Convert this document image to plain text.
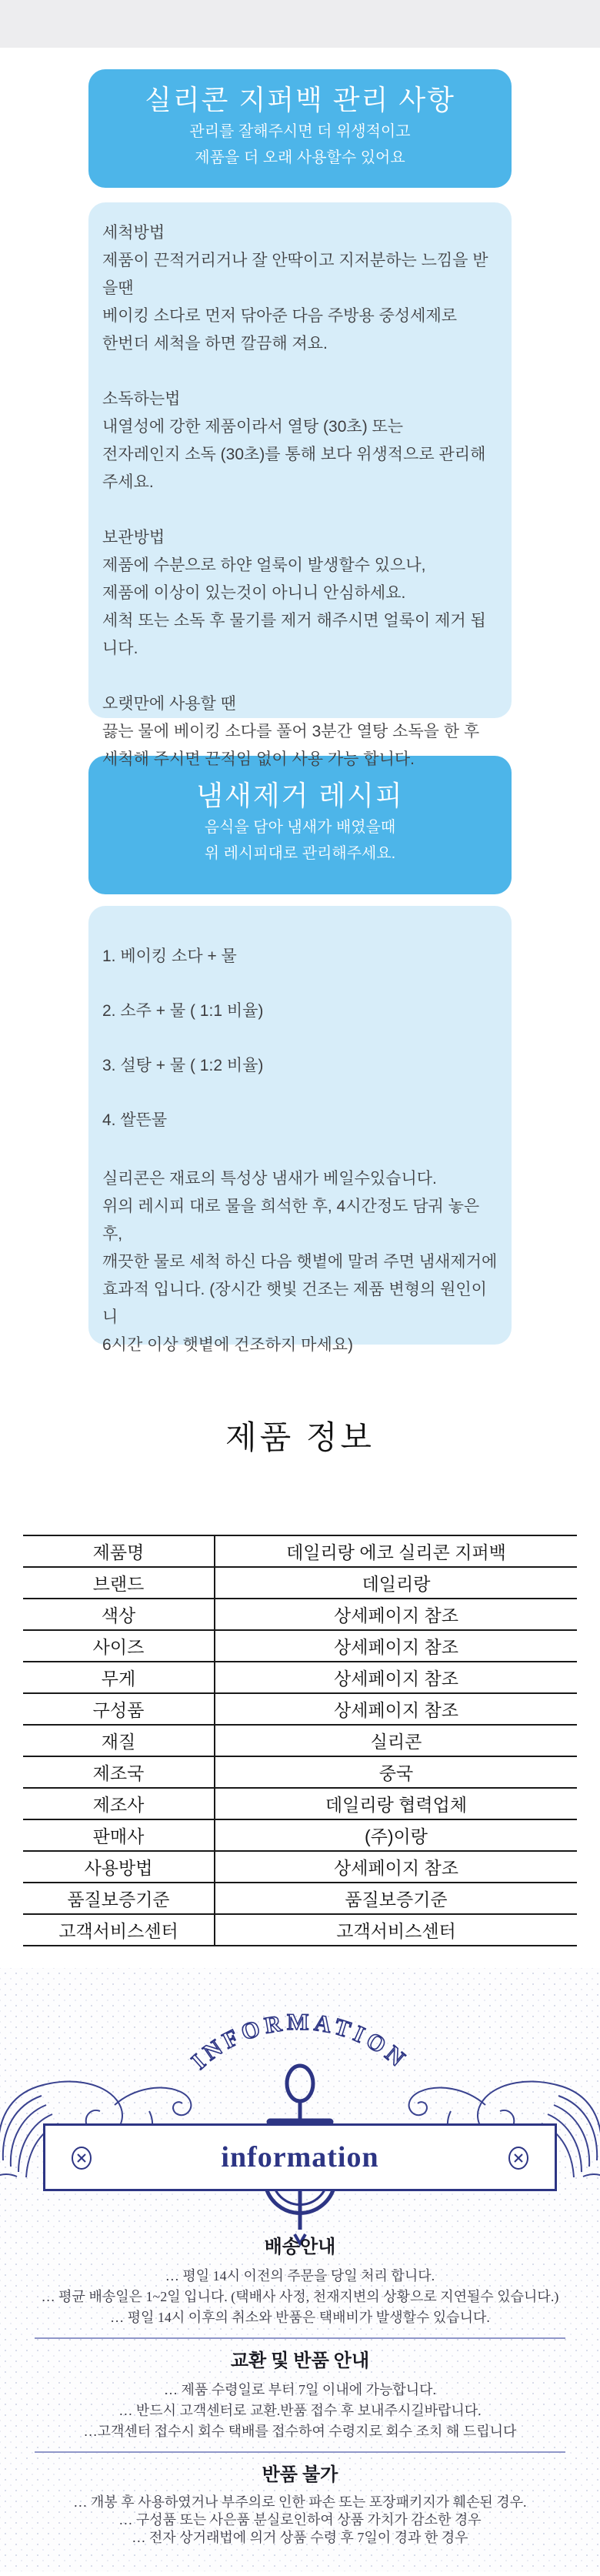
실리콘 지퍼백 관리 사항
관리를 잘해주시면 더 위생적이고
제품을 더 오래 사용할수 있어요
세척방법
제품이 끈적거리거나 잘 안딱이고 지저분하는 느낌을 받을땐
베이킹 소다로 먼저 닦아준 다음 주방용 중성세제로
한번더 세척을 하면 깔끔해 져요.
소독하는법
내열성에 강한 제품이라서 열탕 (30초) 또는
전자레인지 소독 (30초)를 통해 보다 위생적으로 관리해주세요.
보관방법
제품에 수분으로 하얀 얼룩이 발생할수 있으나,
제품에 이상이 있는것이 아니니 안심하세요.
세척 또는 소독 후 물기를 제거 해주시면 얼룩이 제거 됩니다.
오랫만에 사용할 땐
끓는 물에 베이킹 소다를 풀어 3분간 열탕 소독을 한 후
세척해 주시면 끈적임 없이 사용 가능 합니다.
냄새제거 레시피
음식을 담아 냄새가 배였을때
위 레시피대로 관리해주세요.
1. 베이킹 소다 + 물
2. 소주 + 물 ( 1:1 비율)
3. 설탕 + 물 ( 1:2 비율)
4. 쌀뜬물
실리콘은 재료의 특성상 냄새가 베일수있습니다.
위의 레시피 대로 물을 희석한 후, 4시간정도 담궈 놓은 후,
깨끗한 물로 세척 하신 다음 햇볕에 말려 주면 냄새제거에
효과적 입니다. (장시간 햇빛 건조는 제품 변형의 원인이니
6시간 이상 햇볕에 건조하지 마세요)
제품 정보
제품명	데일리랑 에코 실리콘 지퍼백
브랜드	데일리랑
색상	상세페이지 참조
사이즈	상세페이지 참조
무게	상세페이지 참조
구성품	상세페이지 참조
재질	실리콘
제조국	중국
제조사	데일리랑 협력업체
판매사	(주)이랑
사용방법	상세페이지 참조
품질보증기준	품질보증기준
고객서비스센터	고객서비스센터
INFORMATION
information
배송안내
… 평일 14시 이전의 주문을 당일 처리 합니다.
… 평균 배송일은 1~2일 입니다. (택배사 사정, 천재지변의 상황으로 지연될수 있습니다.)
… 평일 14시 이후의 취소와 반품은 택배비가 발생할수 있습니다.
교환 및 반품 안내
… 제품 수령일로 부터 7일 이내에 가능합니다.
… 반드시 고객센터로 교환.반품 접수 후 보내주시길바랍니다.
…고객센터 접수시 회수 택배를 접수하여 수령지로 회수 조치 해 드립니다
반품 불가
… 개봉 후 사용하였거나 부주의로 인한 파손 또는 포장패키지가 훼손된 경우.
… 구성품 또는 사은품 분실로인하여 상품 가치가 감소한 경우
… 전자 상거래법에 의거 상품 수령 후 7일이 경과 한 경우
